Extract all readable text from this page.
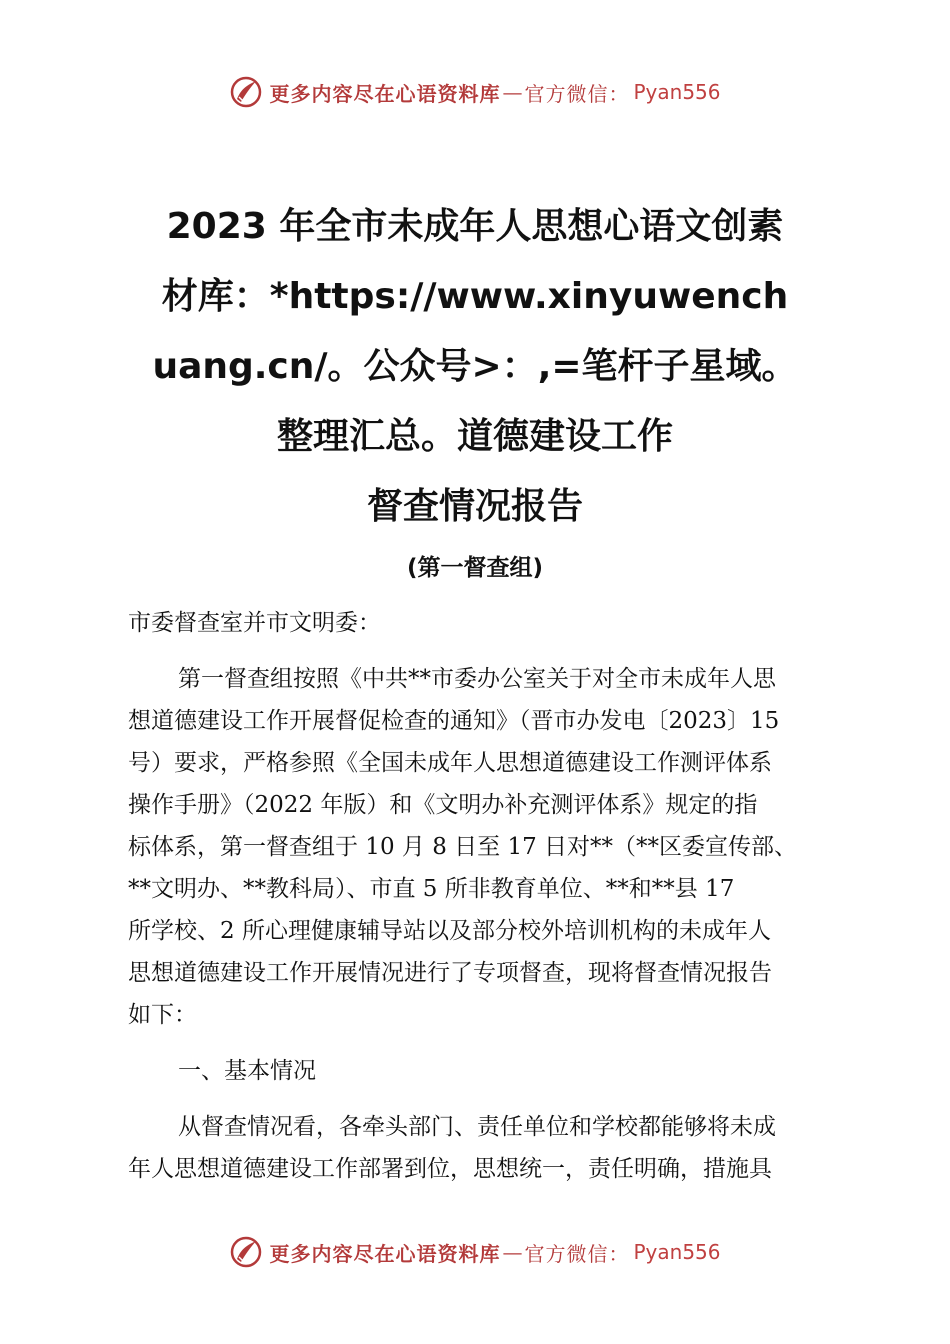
更多内容尽在心语资料库 — 官方微信： Pyan556
2023 年全市未成年人思想心语文创素
材库：*https://www.xinyuwench
uang.cn/。公众号>：,=笔杆子星域。
整理汇总。道德建设工作
督查情况报告
(第一督查组)
市委督查室并市文明委：
第一督查组按照《中共**市委办公室关于对全市未成年人思
想道德建设工作开展督促检查的通知》（晋市办发电〔2023〕15
号）要求，严格参照《全国未成年人思想道德建设工作测评体系
操作手册》（2022 年版）和《文明办补充测评体系》规定的指
标体系，第一督查组于 10 月 8 日至 17 日对**（**区委宣传部、
**文明办、**教科局）、市直 5 所非教育单位、**和**县 17
所学校、2 所心理健康辅导站以及部分校外培训机构的未成年人
思想道德建设工作开展情况进行了专项督查，现将督查情况报告
如下：
一、基本情况
从督查情况看，各牵头部门、责任单位和学校都能够将未成
年人思想道德建设工作部署到位，思想统一，责任明确，措施具
更多内容尽在心语资料库 — 官方微信： Pyan556
